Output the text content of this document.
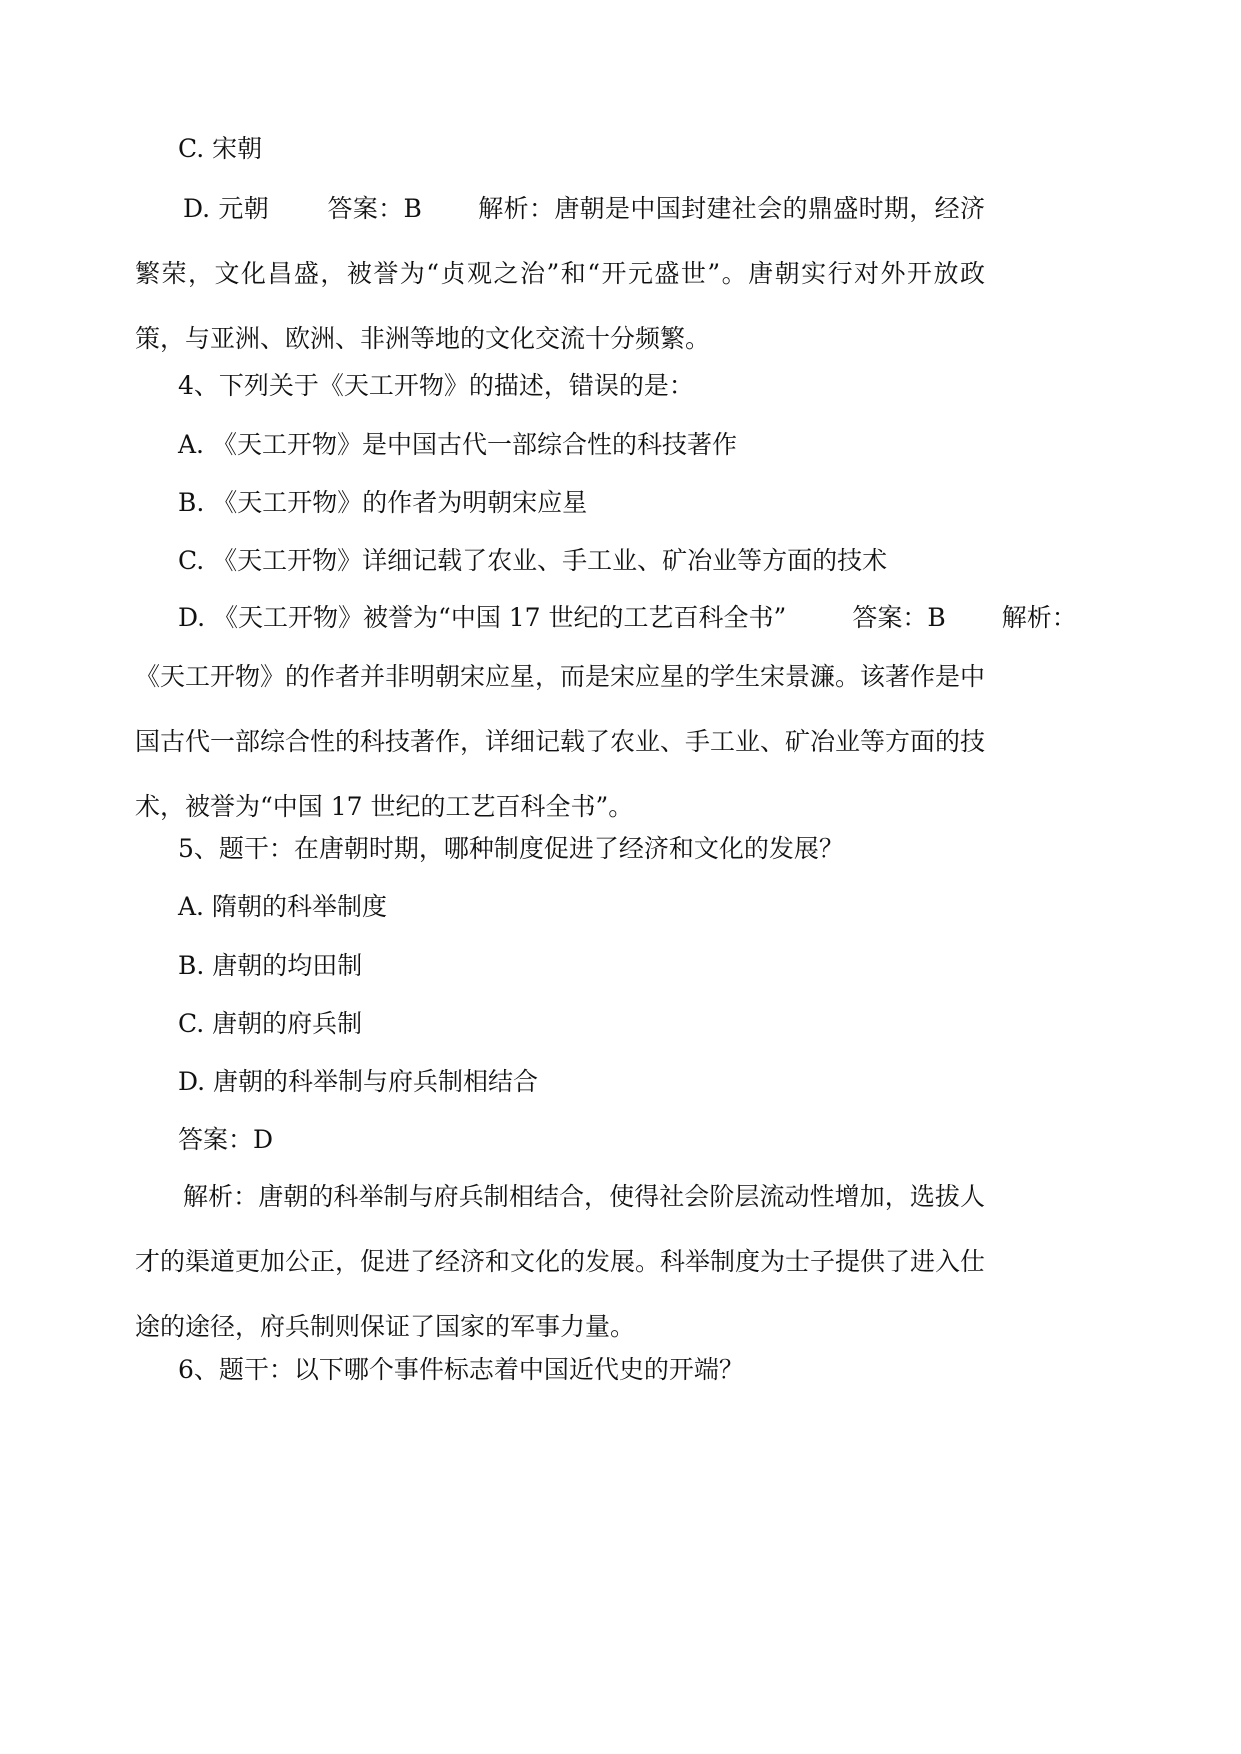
C. 宋朝

D. 元朝 答案：B 解析：唐朝是中国封建社会的鼎盛时期，经济繁荣，文化昌盛，被誉为“贞观之治”和“开元盛世”。唐朝实行对外开放政策，与亚洲、欧洲、非洲等地的文化交流十分频繁。

4、下列关于《天工开物》的描述，错误的是：

A. 《天工开物》是中国古代一部综合性的科技著作

B. 《天工开物》的作者为明朝宋应星

C. 《天工开物》详细记载了农业、手工业、矿冶业等方面的技术

D. 《天工开物》被誉为“中国 17 世纪的工艺百科全书”	答案：B 解析：

《天工开物》的作者并非明朝宋应星，而是宋应星的学生宋景濂。该著作是中国古代一部综合性的科技著作，详细记载了农业、手工业、矿冶业等方面的技术，被誉为“中国 17 世纪的工艺百科全书”。

5、题干：在唐朝时期，哪种制度促进了经济和文化的发展？

A. 隋朝的科举制度

B. 唐朝的均田制

C. 唐朝的府兵制

D. 唐朝的科举制与府兵制相结合

答案：D

解析：唐朝的科举制与府兵制相结合，使得社会阶层流动性增加，选拔人才的渠道更加公正，促进了经济和文化的发展。科举制度为士子提供了进入仕途的途径，府兵制则保证了国家的军事力量。

6、题干：以下哪个事件标志着中国近代史的开端？
